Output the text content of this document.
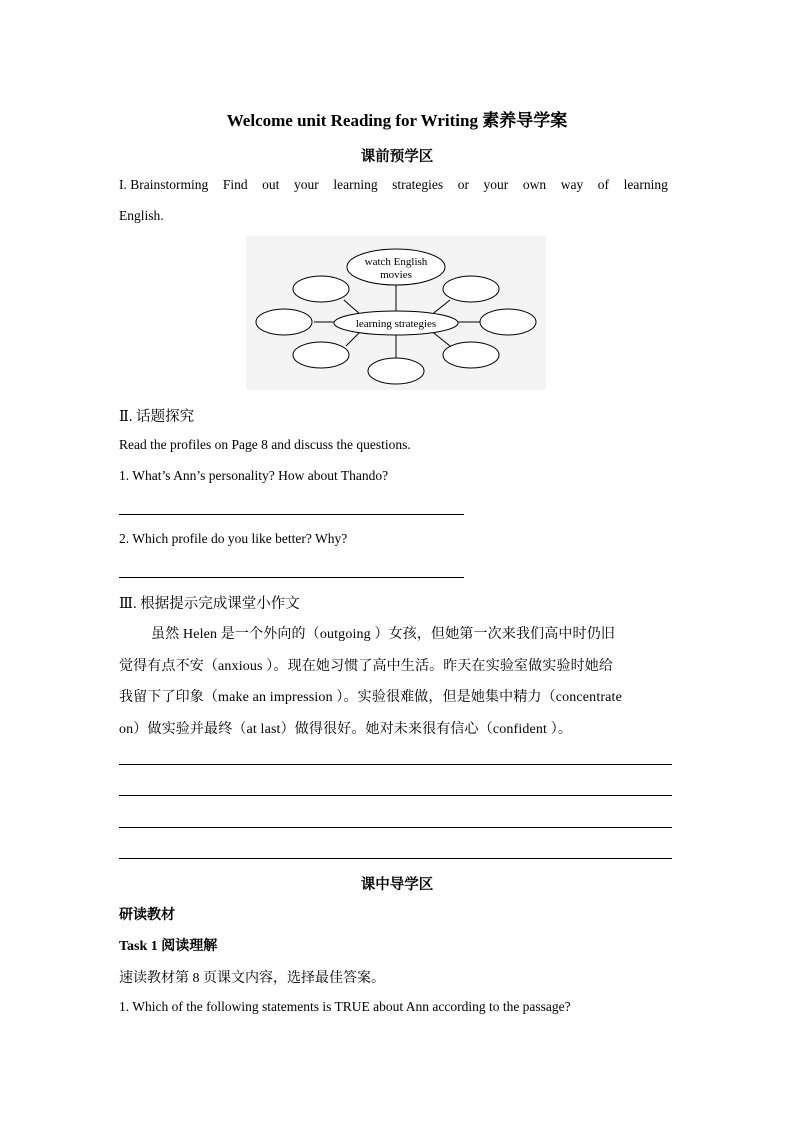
Welcome unit Reading for Writing 素养导学案
课前预学区
I. Brainstorming Find out your learning strategies or your own way of learning
English.
watch English
movies
learning strategies
Ⅱ. 话题探究
Read the profiles on Page 8 and discuss the questions.
1. What’s Ann’s personality? How about Thando?
2. Which profile do you like better? Why?
Ⅲ. 根据提示完成课堂小作文
虽然 Helen 是一个外向的（outgoing ）女孩，但她第一次来我们高中时仍旧
觉得有点不安（anxious ）。现在她习惯了高中生活。昨天在实验室做实验时她给
我留下了印象（make an impression ）。实验很难做，但是她集中精力（concentrate
on）做实验并最终（at last）做得很好。她对未来很有信心（confident ）。
课中导学区
研读教材
Task 1 阅读理解
速读教材第 8 页课文内容，选择最佳答案。
1. Which of the following statements is TRUE about Ann according to the passage?
